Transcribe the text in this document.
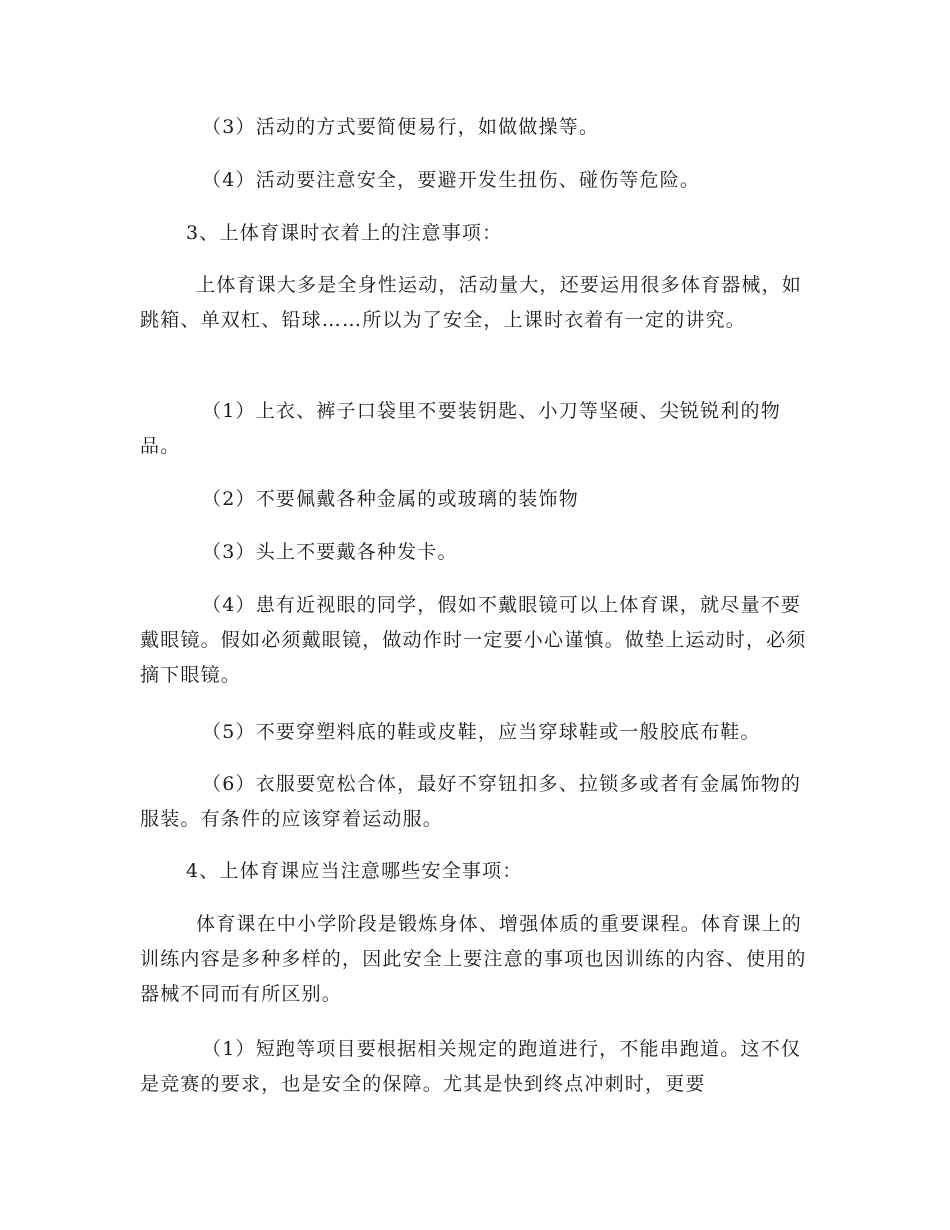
（3）活动的方式要简便易行，如做做操等。

（4）活动要注意安全，要避开发生扭伤、碰伤等危险。

3、上体育课时衣着上的注意事项：

上体育课大多是全身性运动，活动量大，还要运用很多体育器械，如跳箱、单双杠、铅球……所以为了安全，上课时衣着有一定的讲究。

（1）上衣、裤子口袋里不要装钥匙、小刀等坚硬、尖锐锐利的物品。

（2）不要佩戴各种金属的或玻璃的装饰物

（3）头上不要戴各种发卡。

（4）患有近视眼的同学，假如不戴眼镜可以上体育课，就尽量不要戴眼镜。假如必须戴眼镜，做动作时一定要小心谨慎。做垫上运动时，必须摘下眼镜。

（5）不要穿塑料底的鞋或皮鞋，应当穿球鞋或一般胶底布鞋。

（6）衣服要宽松合体，最好不穿钮扣多、拉锁多或者有金属饰物的服装。有条件的应该穿着运动服。

4、上体育课应当注意哪些安全事项：

体育课在中小学阶段是锻炼身体、增强体质的重要课程。体育课上的训练内容是多种多样的，因此安全上要注意的事项也因训练的内容、使用的器械不同而有所区别。

（1）短跑等项目要根据相关规定的跑道进行，不能串跑道。这不仅是竞赛的要求，也是安全的保障。尤其是快到终点冲刺时，更要
